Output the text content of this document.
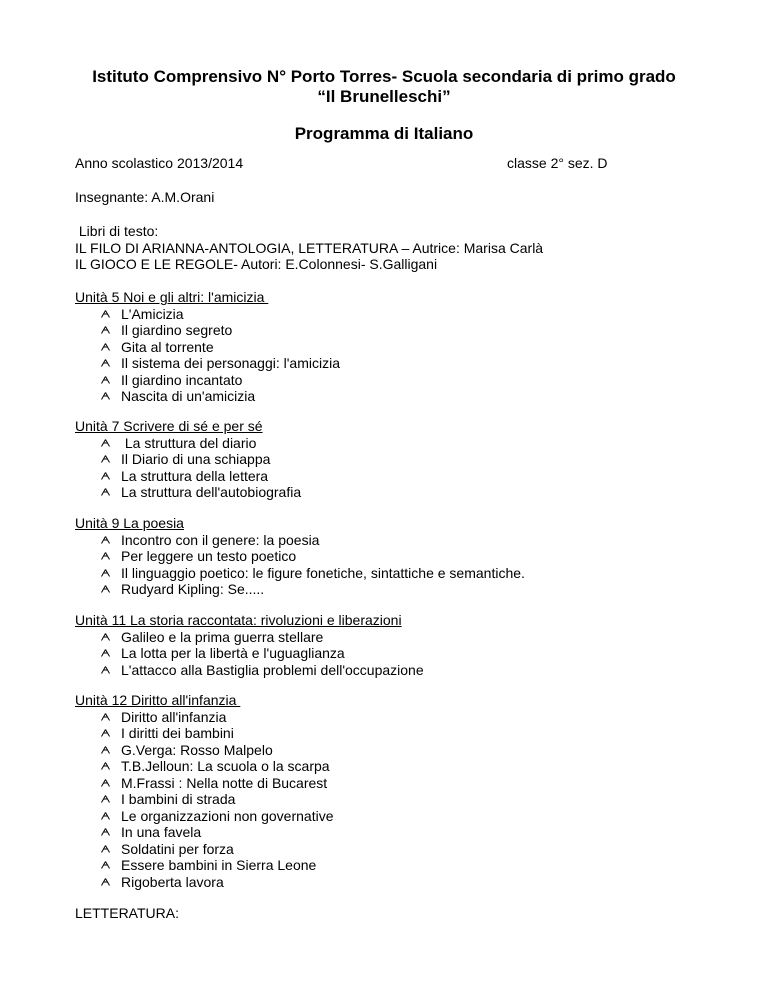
Istituto Comprensivo N° Porto Torres- Scuola secondaria di primo grado
“Il Brunelleschi”
Programma di Italiano
Anno scolastico 2013/2014	classe 2° sez. D
Insegnante: A.M.Orani
Libri di testo:
IL FILO DI ARIANNA-ANTOLOGIA, LETTERATURA – Autrice: Marisa Carlà
IL GIOCO E LE REGOLE- Autori: E.Colonnesi- S.Galligani
Unità 5 Noi e gli altri: l'amicizia
L'Amicizia
Il giardino segreto
Gita al torrente
Il sistema dei personaggi: l'amicizia
Il giardino incantato
Nascita di un'amicizia
Unità 7 Scrivere di sé e per sé
La struttura del diario
Il Diario di una schiappa
La struttura della lettera
La struttura dell'autobiografia
Unità 9 La poesia
Incontro con il genere: la poesia
Per leggere un testo poetico
Il linguaggio poetico: le figure fonetiche, sintattiche e semantiche.
Rudyard Kipling: Se.....
Unità 11 La storia raccontata: rivoluzioni e liberazioni
Galileo e la prima guerra stellare
La lotta per la libertà e l'uguaglianza
L'attacco alla Bastiglia problemi dell'occupazione
Unità 12 Diritto all'infanzia
Diritto all'infanzia
I diritti dei bambini
G.Verga: Rosso Malpelo
T.B.Jelloun: La scuola o la scarpa
M.Frassi : Nella notte di Bucarest
I bambini di strada
Le organizzazioni non governative
In una favela
Soldatini per forza
Essere bambini in Sierra Leone
Rigoberta lavora
LETTERATURA:
